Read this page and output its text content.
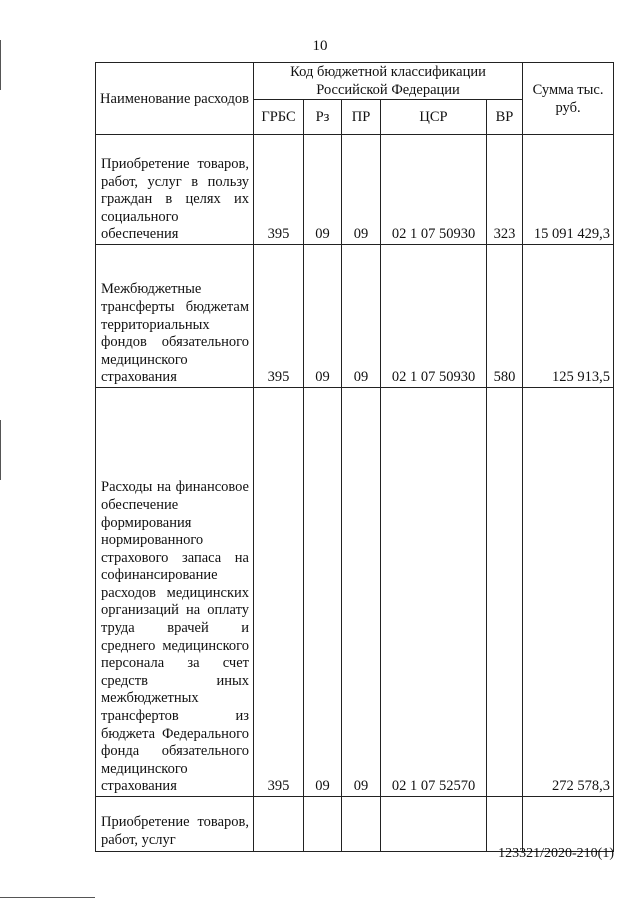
10
Наименование расходов	Код бюджетной классификации Российской Федерации					Сумма тыс. руб.
	ГРБС	Рз	ПР	ЦСР	ВР	
Приобретение товаров, работ, услуг в пользу граждан в целях их социального обеспечения	395	09	09	02 1 07 50930	323	15 091 429,3
Межбюджетные трансферты бюджетам территориальных фондов обязательного медицинского страхования	395	09	09	02 1 07 50930	580	125 913,5
Расходы на финансовое обеспечение формирования нормированного страхового запаса на софинансирование расходов медицинских организаций на оплату труда врачей и среднего медицинского персонала за счет средств иных межбюджетных трансфертов из бюджета Федерального фонда обязательного медицинского страхования	395	09	09	02 1 07 52570		272 578,3

Приобретение товаров, работ, услуг						
123321/2020-210(1)
